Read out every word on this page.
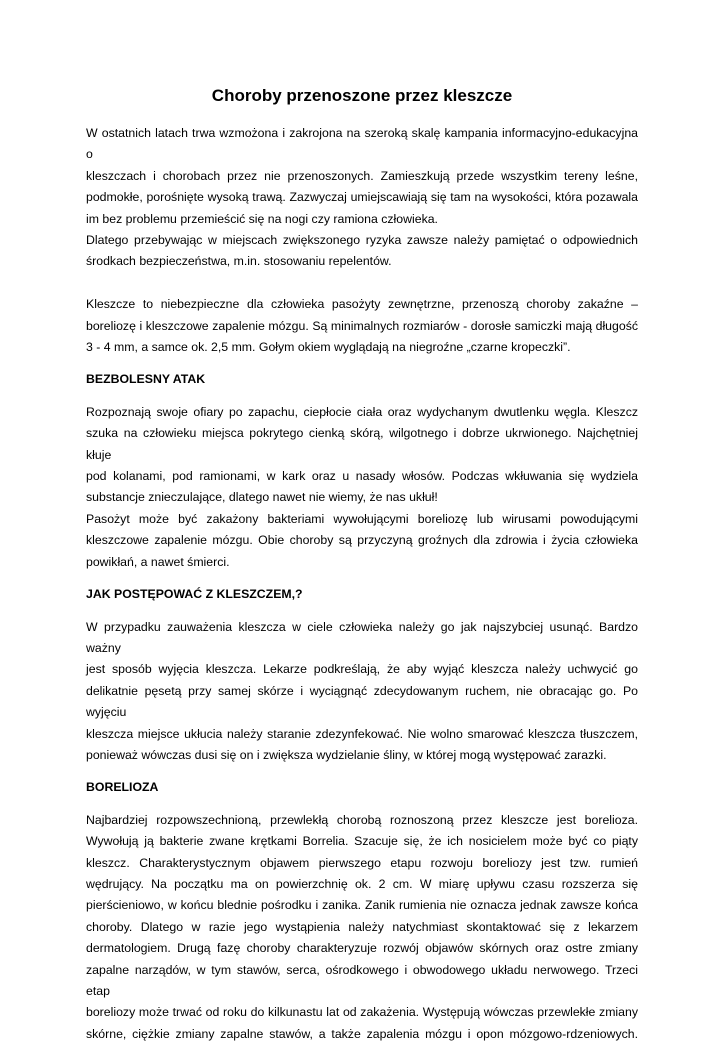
Choroby przenoszone przez kleszcze

W ostatnich latach trwa wzmożona i zakrojona na szeroką skalę kampania informacyjno-edukacyjna o
kleszczach i chorobach przez nie przenoszonych. Zamieszkują przede wszystkim tereny leśne,
podmokłe, porośnięte wysoką trawą. Zazwyczaj umiejscawiają się tam na wysokości, która pozawala
im bez problemu przemieścić się na nogi czy ramiona człowieka.

Dlatego przebywając w miejscach zwiększonego ryzyka zawsze należy pamiętać o odpowiednich
środkach bezpieczeństwa, m.in. stosowaniu repelentów.

Kleszcze to niebezpieczne dla człowieka pasożyty zewnętrzne, przenoszą choroby zakaźne –
boreliozę i kleszczowe zapalenie mózgu. Są minimalnych rozmiarów - dorosłe samiczki mają długość
3 - 4 mm, a samce ok. 2,5 mm. Gołym okiem wyglądają na niegroźne „czarne kropeczki”.

BEZBOLESNY ATAK

Rozpoznają swoje ofiary po zapachu, ciepłocie ciała oraz wydychanym dwutlenku węgla. Kleszcz
szuka na człowieku miejsca pokrytego cienką skórą, wilgotnego i dobrze ukrwionego. Najchętniej kłuje
pod kolanami, pod ramionami, w kark oraz u nasady włosów. Podczas wkłuwania się wydziela
substancje znieczulające, dlatego nawet nie wiemy, że nas ukłuł!

Pasożyt może być zakażony bakteriami wywołującymi boreliozę lub wirusami powodującymi
kleszczowe zapalenie mózgu. Obie choroby są przyczyną groźnych dla zdrowia i życia człowieka
powikłań, a nawet śmierci.

JAK POSTĘPOWAĆ Z KLESZCZEM,?

W przypadku zauważenia kleszcza w ciele człowieka należy go jak najszybciej usunąć. Bardzo ważny
jest sposób wyjęcia kleszcza. Lekarze podkreślają, że aby wyjąć kleszcza należy uchwycić go
delikatnie pęsetą przy samej skórze i wyciągnąć zdecydowanym ruchem, nie obracając go. Po wyjęciu
kleszcza miejsce ukłucia należy staranie zdezynfekować. Nie wolno smarować kleszcza tłuszczem,
ponieważ wówczas dusi się on i zwiększa wydzielanie śliny, w której mogą występować zarazki.

BORELIOZA

Najbardziej rozpowszechnioną, przewlekłą chorobą roznoszoną przez kleszcze jest borelioza.
Wywołują ją bakterie zwane krętkami Borrelia. Szacuje się, że ich nosicielem może być co piąty
kleszcz. Charakterystycznym objawem pierwszego etapu rozwoju boreliozy jest tzw. rumień
wędrujący. Na początku ma on powierzchnię ok. 2 cm. W miarę upływu czasu rozszerza się
pierścieniowo, w końcu blednie pośrodku i zanika. Zanik rumienia nie oznacza jednak zawsze końca
choroby. Dlatego w razie jego wystąpienia należy natychmiast skontaktować się z lekarzem
dermatologiem. Drugą fazę choroby charakteryzuje rozwój objawów skórnych oraz ostre zmiany
zapalne narządów, w tym stawów, serca, ośrodkowego i obwodowego układu nerwowego. Trzeci etap
boreliozy może trwać od roku do kilkunastu lat od zakażenia. Występują wówczas przewlekłe zmiany
skórne, ciężkie zmiany zapalne stawów, a także zapalenia mózgu i opon mózgowo-rdzeniowych.
